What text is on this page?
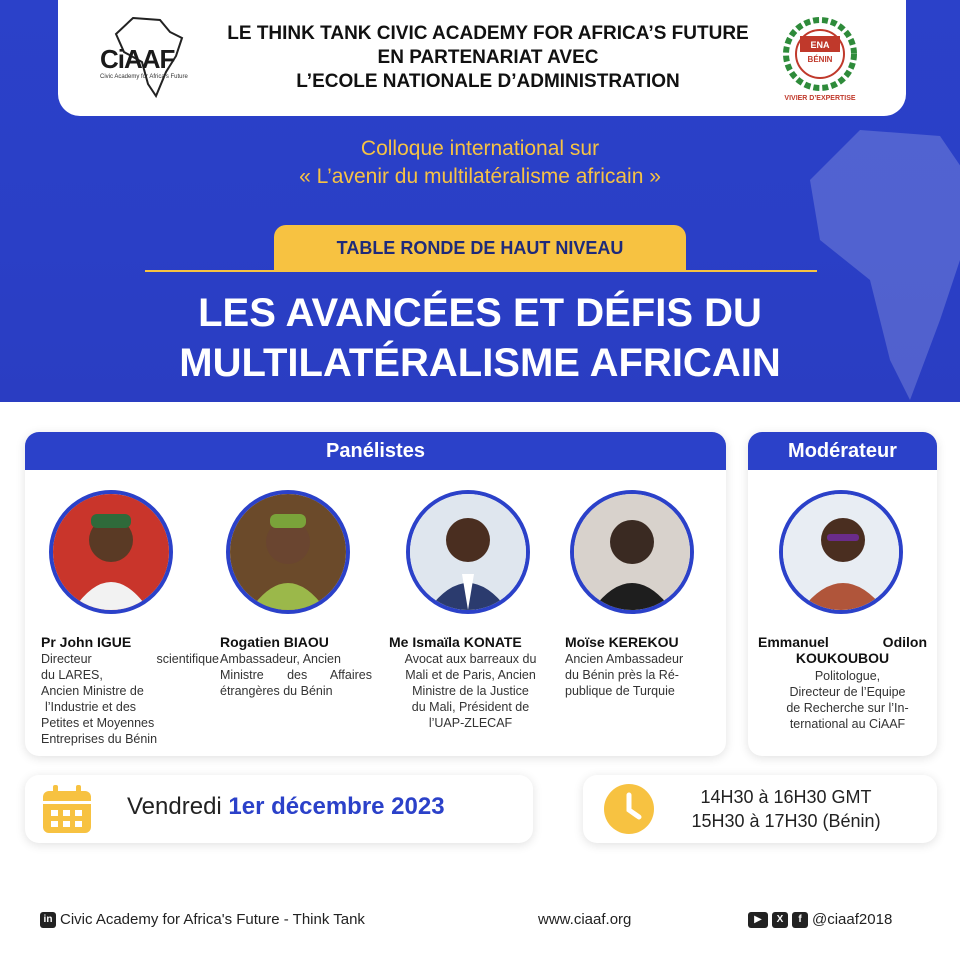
CiAAF
Civic Academy for Africa's Future
LE THINK TANK CIVIC ACADEMY FOR AFRICA’S FUTURE
EN PARTENARIAT AVEC
L’ECOLE NATIONALE D’ADMINISTRATION
ENA
BÉNIN
VIVIER D’EXPERTISE
Colloque international sur
« L’avenir du multilatéralisme africain »
TABLE RONDE DE HAUT NIVEAU
LES AVANCÉES ET DÉFIS DU
MULTILATÉRALISME AFRICAIN
Panélistes
Pr John IGUE
Directeur scientifique
du LARES,
Ancien Ministre de
l’Industrie et des
Petites et Moyennes
Entreprises du Bénin
Rogatien BIAOU
Ambassadeur, Ancien
Ministre des Affaires
étrangères du Bénin
Me Ismaïla KONATE
Avocat aux barreaux du
Mali et de Paris, Ancien
Ministre de la Justice
du Mali, Président de
l’UAP-ZLECAF
Moïse KEREKOU
Ancien Ambassadeur
du Bénin près la Ré-
publique de Turquie
Modérateur
Emmanuel Odilon
KOUKOUBOU
Politologue,
Directeur de l’Equipe
de Recherche sur l’In-
ternational au CiAAF
Vendredi 1er décembre 2023	14H30 à 16H30 GMT
15H30 à 17H30 (Bénin)
in Civic Academy for Africa's Future - Think Tank	www.ciaaf.org	▶ X f @ciaaf2018
